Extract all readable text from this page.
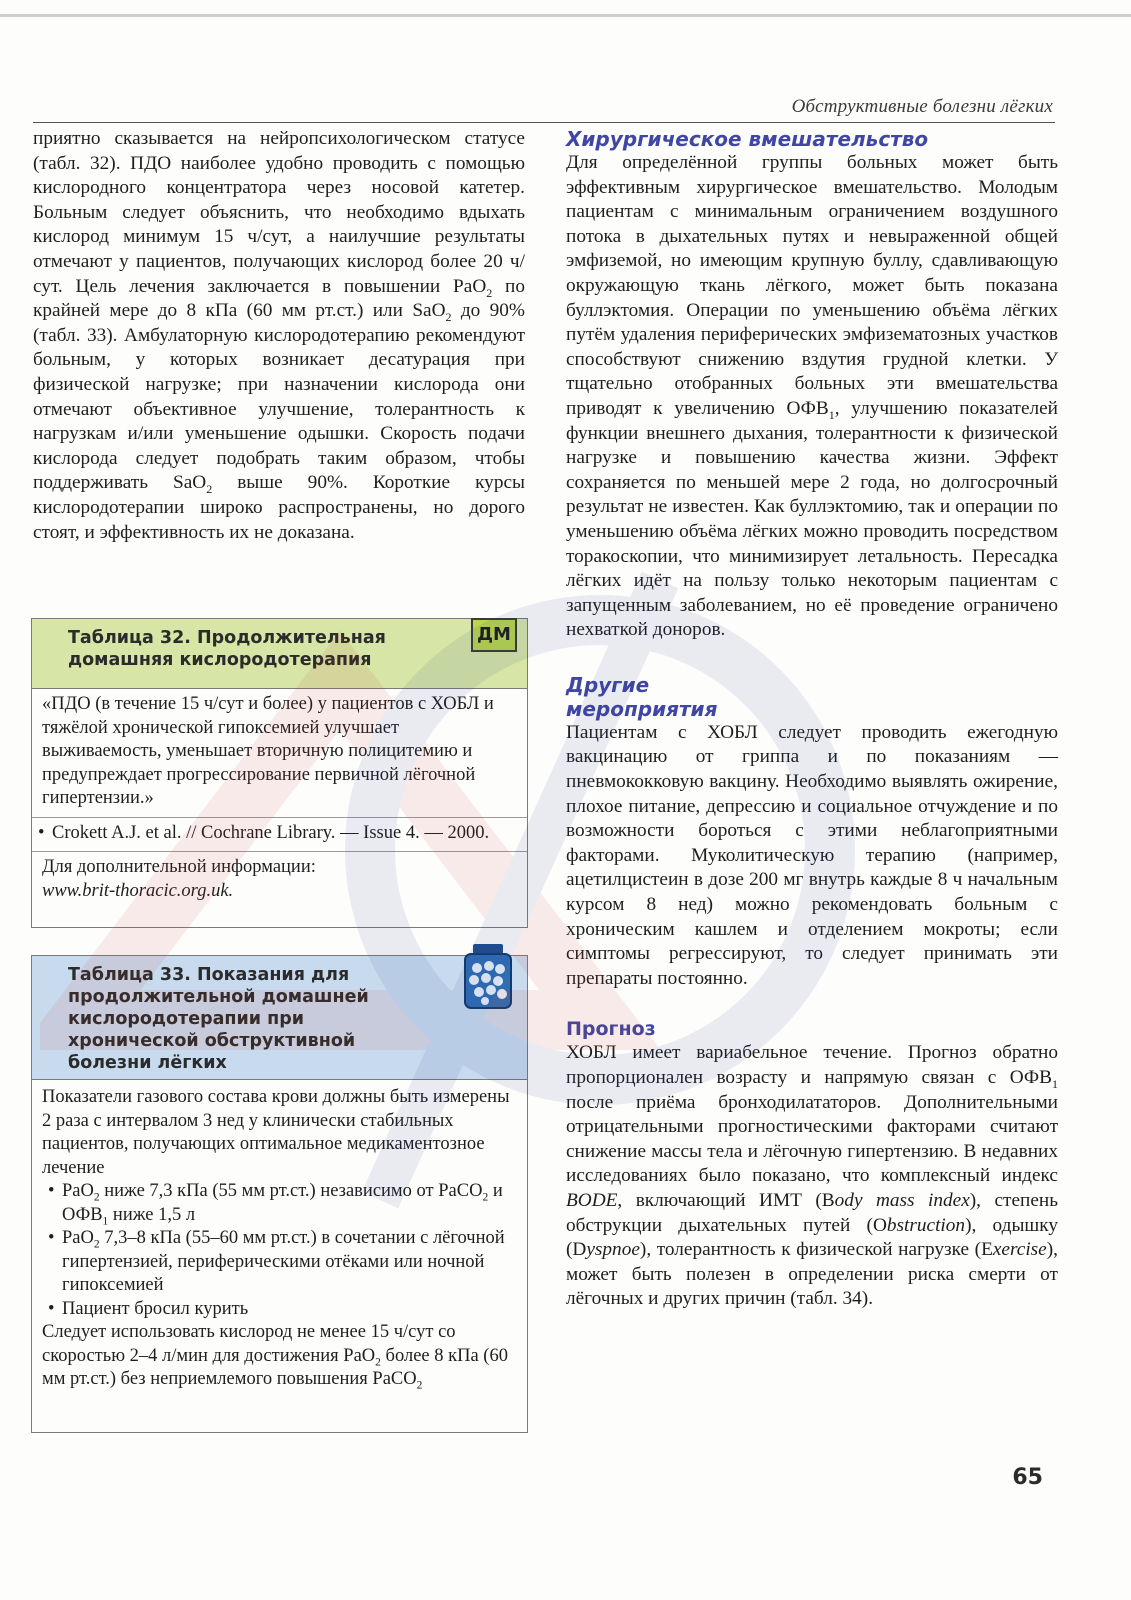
Обструктивные болезни лёгких

приятно сказывается на нейропсихологическом статусе (табл. 32). ПДО наиболее удобно проводить с помощью кислородного концентратора через носовой катетер. Больным следует объяснить, что необходимо вдыхать кислород минимум 15 ч/сут, а наилучшие результаты отмечают у пациентов, получающих кислород более 20 ч/сут. Цель лечения заключается в повышении PaO$_2$ по крайней мере до 8 кПа (60 мм рт.ст.) или SaO$_2$ до 90% (табл. 33). Амбулаторную кислородотерапию рекомендуют больным, у которых возникает десатурация при физической нагрузке; при назначении кислорода они отмечают объективное улучшение, толерантность к нагрузкам и/или уменьшение одышки. Скорость подачи кислорода следует подобрать таким образом, чтобы поддерживать SaO$_2$ выше 90%. Короткие курсы кислородотерапии широко распространены, но дорого стоят, и эффективность их не доказана.

Таблица 32. Продолжительная домашняя кислородотерапия
ДМ
«ПДО (в течение 15 ч/сут и более) у пациентов с ХОБЛ и тяжёлой хронической гипоксемией улучшает выживаемость, уменьшает вторичную полицитемию и предупреждает прогрессирование первичной лёгочной гипертензии.»
• Crokett A.J. et al. // Cochrane Library. — Issue 4. — 2000.
Для дополнительной информации:
www.brit-thoracic.org.uk.
Таблица 33. Показания для продолжительной домашней кислородотерапии при хронической обструктивной болезни лёгких
Показатели газового состава крови должны быть измерены 2 раза с интервалом 3 нед у клинически стабильных пациентов, получающих оптимальное медикаментозное лечение
• PaO$_2$ ниже 7,3 кПа (55 мм рт.ст.) независимо от PaCO$_2$ и $ОФВ_1$ ниже 1,5 л
• PaO$_2$ 7,3–8 кПа (55–60 мм рт.ст.) в сочетании с лёгочной гипертензией, периферическими отёками или ночной гипоксемией
• Пациент бросил курить
Следует использовать кислород не менее 15 ч/сут со скоростью 2–4 л/мин для достижения PaO$_2$ более 8 кПа (60 мм рт.ст.) без неприемлемого повышения PaCO$_2$
Хирургическое вмешательство

Для определённой группы больных может быть эффективным хирургическое вмешательство. Молодым пациентам с минимальным ограничением воздушного потока в дыхательных путях и невыраженной общей эмфиземой, но имеющим крупную буллу, сдавливающую окружающую ткань лёгкого, может быть показана буллэктомия. Операции по уменьшению объёма лёгких путём удаления периферических эмфизематозных участков способствуют снижению вздутия грудной клетки. У тщательно отобранных больных эти вмешательства приводят к увеличению $ОФВ_1$, улучшению показателей функции внешнего дыхания, толерантности к физической нагрузке и повышению качества жизни. Эффект сохраняется по меньшей мере 2 года, но долгосрочный результат не известен. Как буллэктомию, так и операции по уменьшению объёма лёгких можно проводить посредством торакоскопии, что минимизирует летальность. Пересадка лёгких идёт на пользу только некоторым пациентам с запущенным заболеванием, но её проведение ограничено нехваткой доноров.

Другие
мероприятия

Пациентам с ХОБЛ следует проводить ежегодную вакцинацию от гриппа и по показаниям — пневмококковую вакцину. Необходимо выявлять ожирение, плохое питание, депрессию и социальное отчуждение и по возможности бороться с этими неблагоприятными факторами. Муколитическую терапию (например, ацетилцистеин в дозе 200 мг внутрь каждые 8 ч начальным курсом 8 нед) можно рекомендовать больным с хроническим кашлем и отделением мокроты; если симптомы регрессируют, то следует принимать эти препараты постоянно.

Прогноз

ХОБЛ имеет вариабельное течение. Прогноз обратно пропорционален возрасту и напрямую связан с $ОФВ_1$ после приёма бронходилататоров. Дополнительными отрицательными прогностическими факторами считают снижение массы тела и лёгочную гипертензию. В недавних исследованиях было показано, что комплексный индекс BODE, включающий ИМТ (Body mass index), степень обструкции дыхательных путей (Obstruction), одышку (Dyspnoe), толерантность к физической нагрузке (Exercise), может быть полезен в определении риска смерти от лёгочных и других причин (табл. 34).

65
